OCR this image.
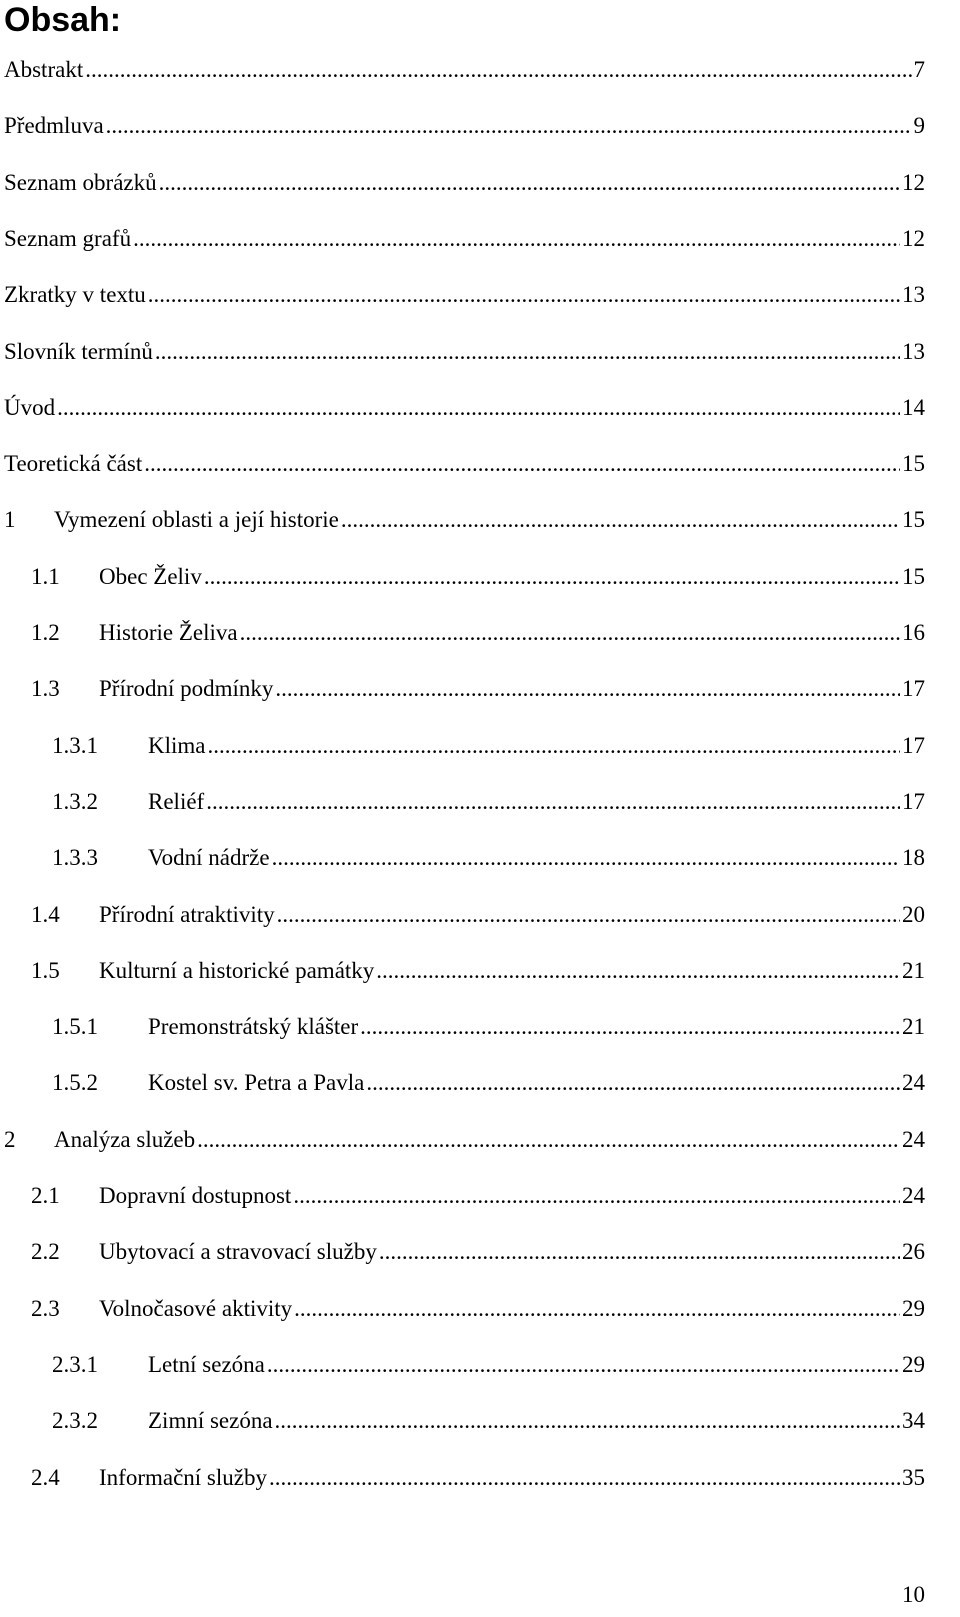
Obsah:
Abstrakt .....	7
Předmluva .....	9
Seznam obrázků .....	12
Seznam grafů .....	12
Zkratky v textu .....	13
Slovník termínů .....	13
Úvod .....	14
Teoretická část .....	15
1	Vymezení oblasti a její historie .....	15
1.1	Obec Želiv .....	15
1.2	Historie Želiva .....	16
1.3	Přírodní podmínky .....	17
1.3.1	Klima .....	17
1.3.2	Reliéf .....	17
1.3.3	Vodní nádrže .....	18
1.4	Přírodní atraktivity .....	20
1.5	Kulturní a historické památky .....	21
1.5.1	Premonstrátský klášter .....	21
1.5.2	Kostel sv. Petra a Pavla .....	24
2	Analýza služeb .....	24
2.1	Dopravní dostupnost .....	24
2.2	Ubytovací a stravovací služby .....	26
2.3	Volnočasové aktivity .....	29
2.3.1	Letní sezóna .....	29
2.3.2	Zimní sezóna .....	34
2.4	Informační služby .....	35
10
